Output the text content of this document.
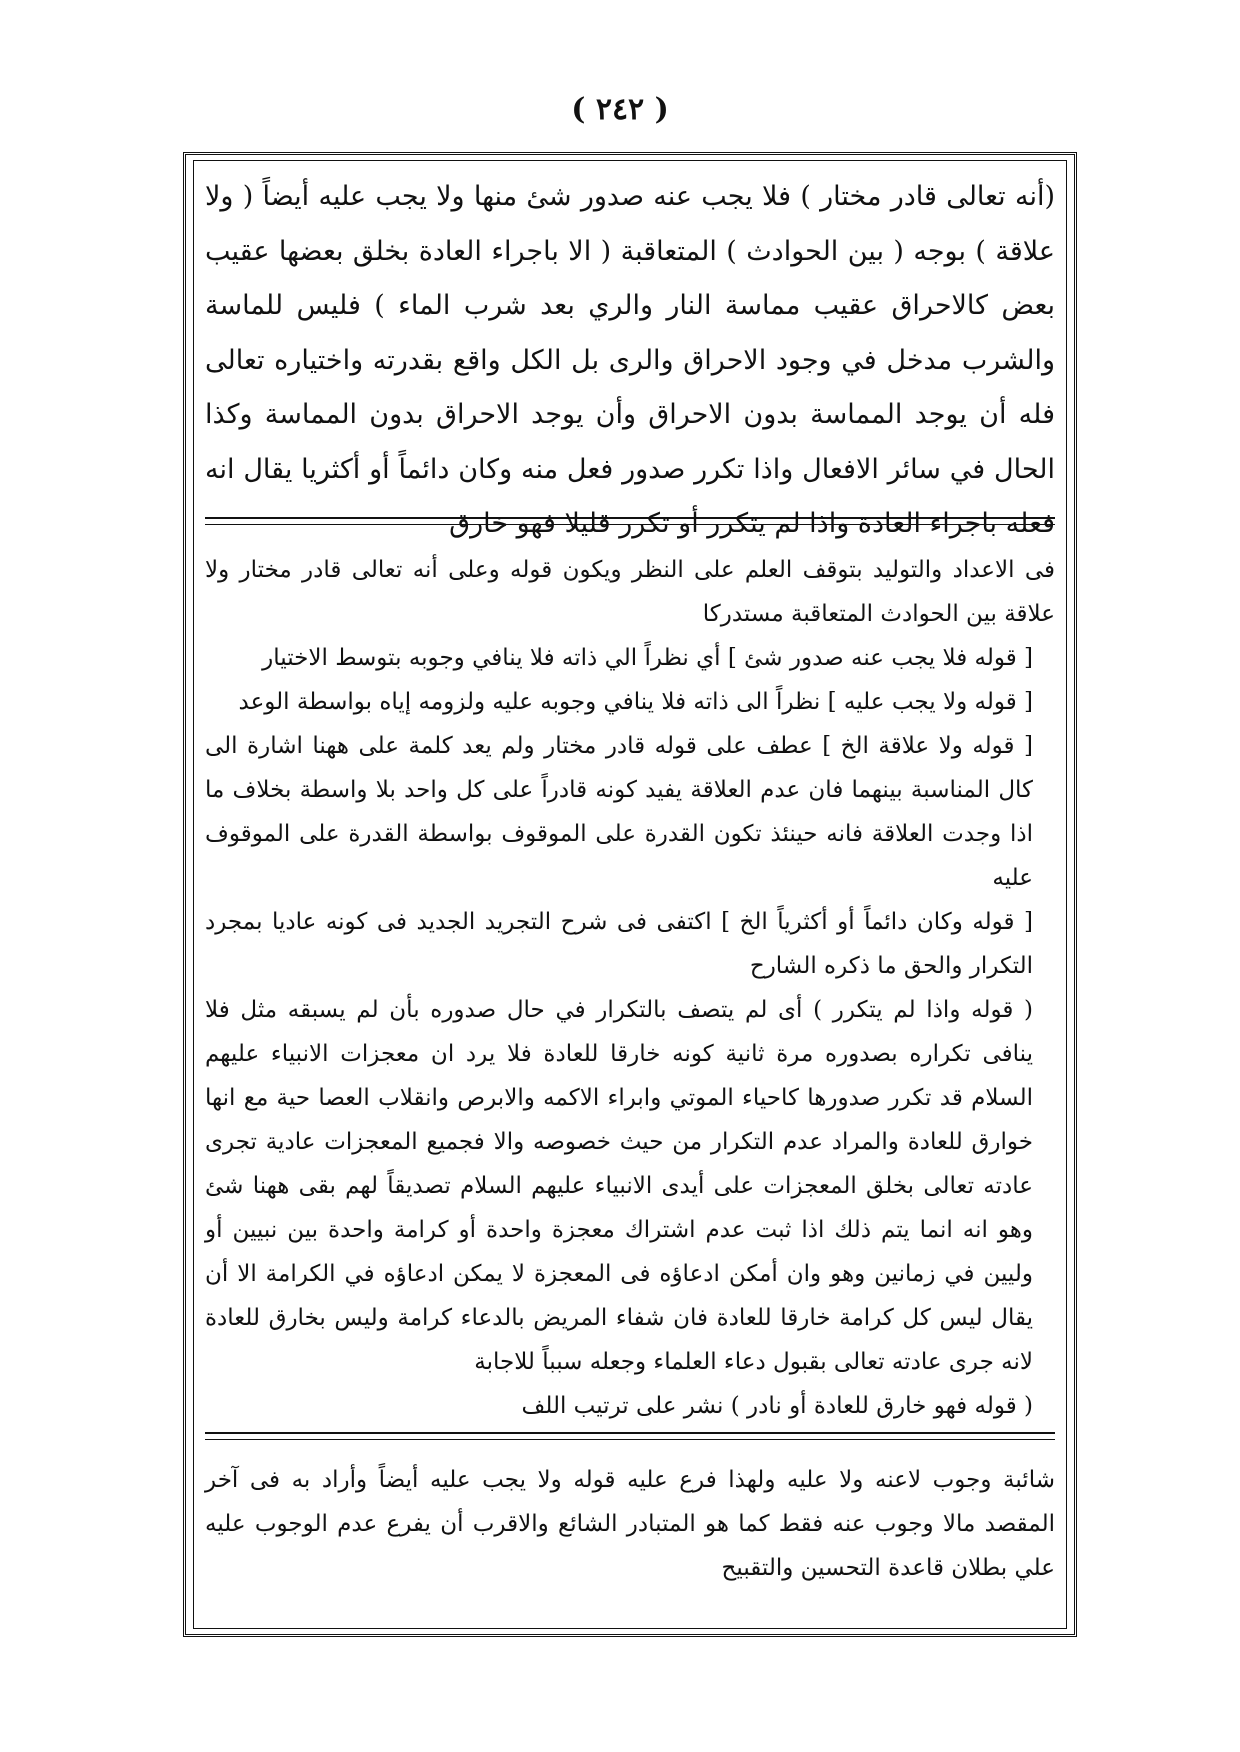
( ٢٤٢ )
(أنه تعالى قادر مختار ) فلا يجب عنه صدور شئ منها ولا يجب عليه أيضاً ( ولا علاقة ) بوجه ( بين الحوادث ) المتعاقبة ( الا باجراء العادة بخلق بعضها عقيب بعض كالاحراق عقيب مماسة النار والري بعد شرب الماء ) فليس للماسة والشرب مدخل في وجود الاحراق والرى بل الكل واقع بقدرته واختياره تعالى فله أن يوجد المماسة بدون الاحراق وأن يوجد الاحراق بدون المماسة وكذا الحال في سائر الافعال واذا تكرر صدور فعل منه وكان دائماً أو أكثريا يقال انه فعله باجراء العادة واذا لم يتكرر أو تكرر قليلا فهو خارق

فى الاعداد والتوليد بتوقف العلم على النظر ويكون قوله وعلى أنه تعالى قادر مختار ولا علاقة بين الحوادث المتعاقبة مستدركا

[ قوله فلا يجب عنه صدور شئ ] أي نظراً الي ذاته فلا ينافي وجوبه بتوسط الاختيار

[ قوله ولا يجب عليه ] نظراً الى ذاته فلا ينافي وجوبه عليه ولزومه إياه بواسطة الوعد

[ قوله ولا علاقة الخ ] عطف على قوله قادر مختار ولم يعد كلمة على ههنا اشارة الى كال المناسبة بينهما فان عدم العلاقة يفيد كونه قادراً على كل واحد بلا واسطة بخلاف ما اذا وجدت العلاقة فانه حينئذ تكون القدرة على الموقوف بواسطة القدرة على الموقوف عليه

[ قوله وكان دائماً أو أكثرياً الخ ] اكتفى فى شرح التجريد الجديد فى كونه عاديا بمجرد التكرار والحق ما ذكره الشارح

( قوله واذا لم يتكرر ) أى لم يتصف بالتكرار في حال صدوره بأن لم يسبقه مثل فلا ينافى تكراره بصدوره مرة ثانية كونه خارقا للعادة فلا يرد ان معجزات الانبياء عليهم السلام قد تكرر صدورها كاحياء الموتي وابراء الاكمه والابرص وانقلاب العصا حية مع انها خوارق للعادة والمراد عدم التكرار من حيث خصوصه والا فجميع المعجزات عادية تجرى عادته تعالى بخلق المعجزات على أيدى الانبياء عليهم السلام تصديقاً لهم بقى ههنا شئ وهو انه انما يتم ذلك اذا ثبت عدم اشتراك معجزة واحدة أو كرامة واحدة بين نبيين أو وليين في زمانين وهو وان أمكن ادعاؤه فى المعجزة لا يمكن ادعاؤه في الكرامة الا أن يقال ليس كل كرامة خارقا للعادة فان شفاء المريض بالدعاء كرامة وليس بخارق للعادة لانه جرى عادته تعالى بقبول دعاء العلماء وجعله سبباً للاجابة

( قوله فهو خارق للعادة أو نادر ) نشر على ترتيب اللف

شائبة وجوب لاعنه ولا عليه ولهذا فرع عليه قوله ولا يجب عليه أيضاً وأراد به فى آخر المقصد مالا وجوب عنه فقط كما هو المتبادر الشائع والاقرب أن يفرع عدم الوجوب عليه علي بطلان قاعدة التحسين والتقبيح
